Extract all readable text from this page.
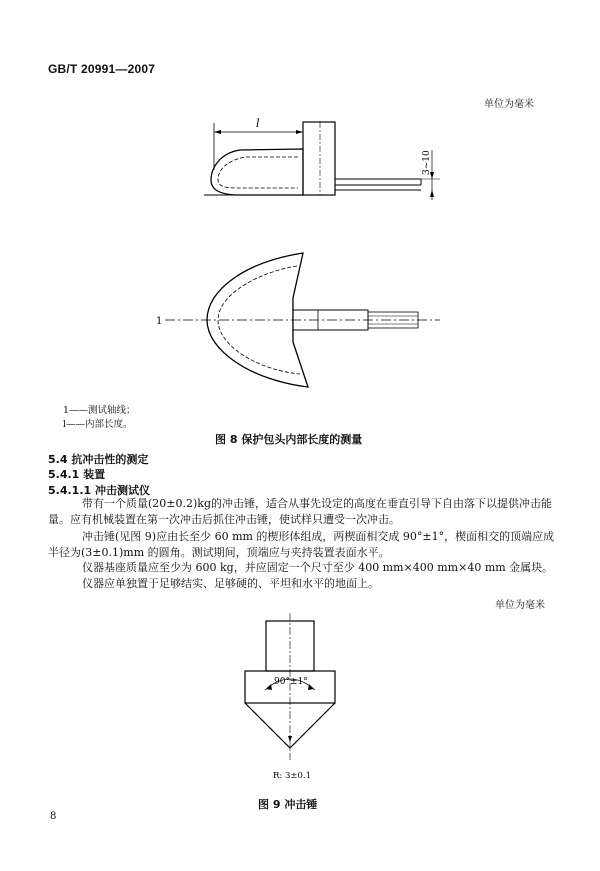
GB/T 20991—2007
单位为毫米
l
3~10
1
1——测试轴线；
l——内部长度。
图 8 保护包头内部长度的测量
5.4 抗冲击性的测定
5.4.1 装置
5.4.1.1 冲击测试仪
带有一个质量(20±0.2)kg的冲击锤，适合从事先设定的高度在垂直引导下自由落下以提供冲击能量。应有机械装置在第一次冲击后抓住冲击锤，使试样只遭受一次冲击。
冲击锤(见图 9)应由长至少 60 mm 的楔形体组成，两楔面相交成 90°±1°，楔面相交的顶端应成半径为(3±0.1)mm 的圆角。测试期间，顶端应与夹持装置表面水平。
仪器基座质量应至少为 600 kg，并应固定一个尺寸至少 400 mm×400 mm×40 mm 金属块。
仪器应单独置于足够结实、足够硬的、平坦和水平的地面上。
单位为毫米
90°±1°
R: 3±0.1
图 9 冲击锤
8
